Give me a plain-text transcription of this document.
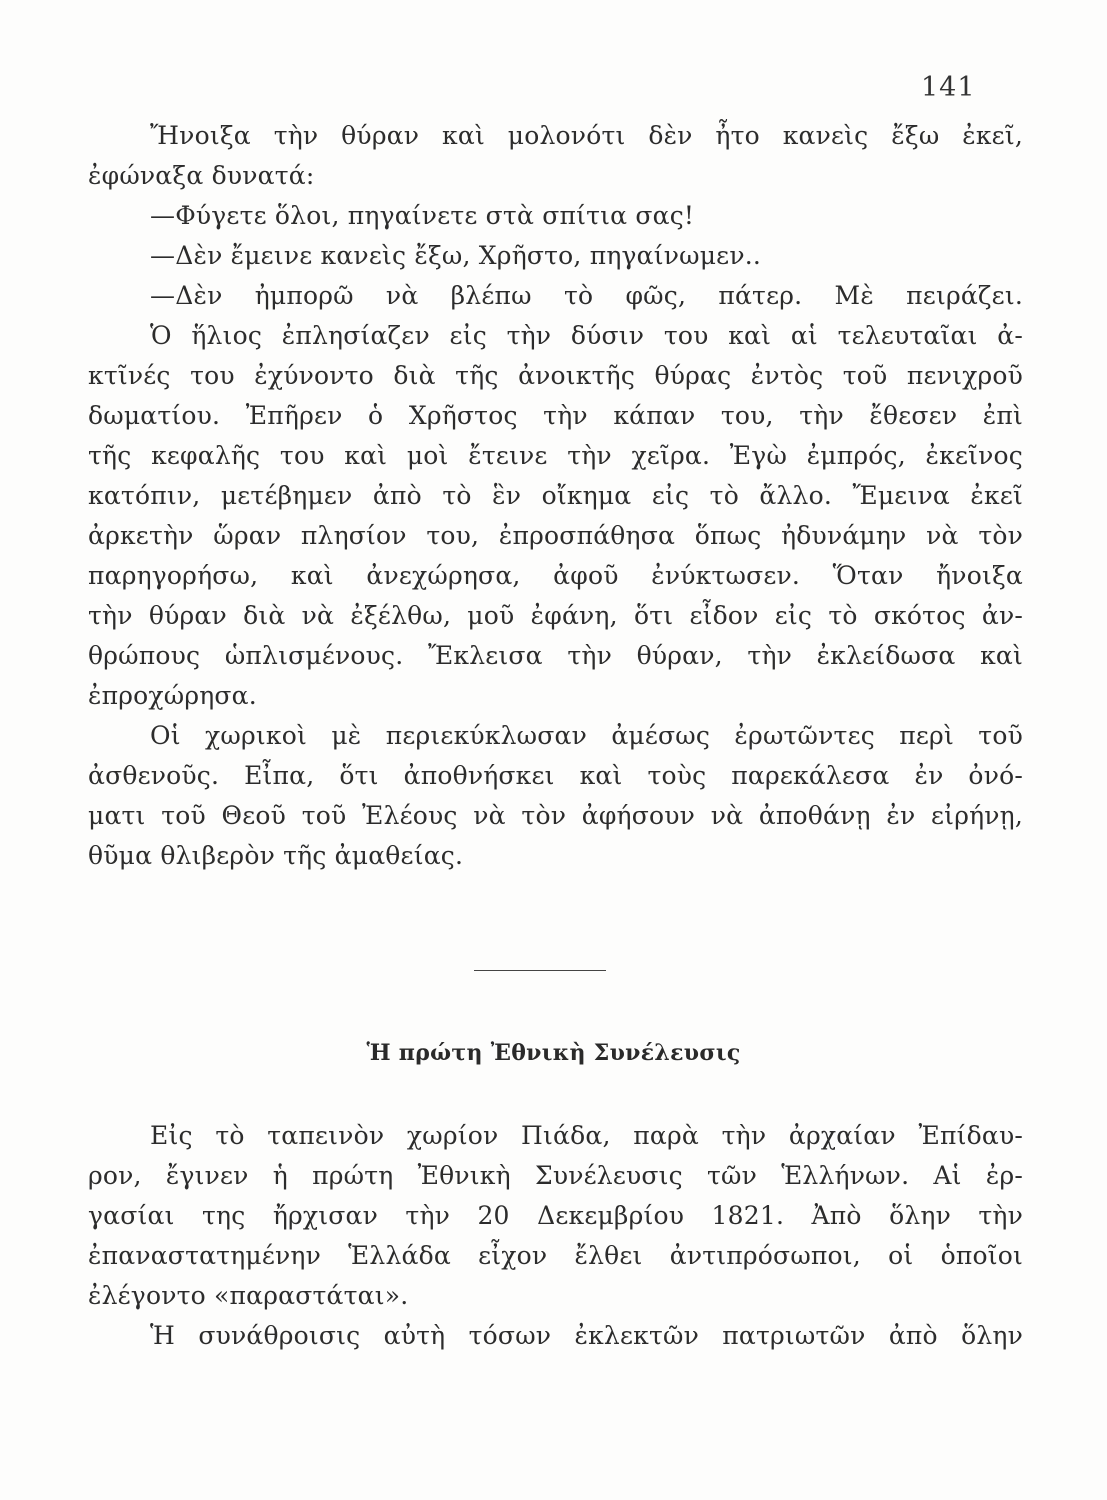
141
Ἤνοιξα τὴν θύραν καὶ μολονότι δὲν ἦτο κανεὶς ἔξω ἐκεῖ,
ἐφώναξα δυνατά:
—Φύγετε ὅλοι, πηγαίνετε στὰ σπίτια σας!
—Δὲν ἔμεινε κανεὶς ἔξω, Χρῆστο, πηγαίνωμεν..
—Δὲν ἠμπορῶ νὰ βλέπω τὸ φῶς, πάτερ. Μὲ πειράζει.
Ὁ ἥλιος ἐπλησίαζεν εἰς τὴν δύσιν του καὶ αἱ τελευταῖαι ἀ-
κτῖνές του ἐχύνοντο διὰ τῆς ἀνοικτῆς θύρας ἐντὸς τοῦ πενιχροῦ
δωματίου. Ἐπῆρεν ὁ Χρῆστος τὴν κάπαν του, τὴν ἔθεσεν ἐπὶ
τῆς κεφαλῆς του καὶ μοὶ ἔτεινε τὴν χεῖρα. Ἐγὼ ἐμπρός, ἐκεῖνος
κατόπιν, μετέβημεν ἀπὸ τὸ ἓν οἴκημα εἰς τὸ ἄλλο. Ἔμεινα ἐκεῖ
ἀρκετὴν ὥραν πλησίον του, ἐπροσπάθησα ὅπως ἠδυνάμην νὰ τὸν
παρηγορήσω, καὶ ἀνεχώρησα, ἀφοῦ ἐνύκτωσεν. Ὅταν ἤνοιξα
τὴν θύραν διὰ νὰ ἐξέλθω, μοῦ ἐφάνη, ὅτι εἶδον εἰς τὸ σκότος ἀν-
θρώπους ὡπλισμένους. Ἔκλεισα τὴν θύραν, τὴν ἐκλείδωσα καὶ
ἐπροχώρησα.
Οἱ χωρικοὶ μὲ περιεκύκλωσαν ἀμέσως ἐρωτῶντες περὶ τοῦ
ἀσθενοῦς. Εἶπα, ὅτι ἀποθνήσκει καὶ τοὺς παρεκάλεσα ἐν ὀνό-
ματι τοῦ Θεοῦ τοῦ Ἐλέους νὰ τὸν ἀφήσουν νὰ ἀποθάνῃ ἐν εἰρήνῃ,
θῦμα θλιβερὸν τῆς ἀμαθείας.
Ἡ πρώτη Ἐθνικὴ Συνέλευσις
Εἰς τὸ ταπεινὸν χωρίον Πιάδα, παρὰ τὴν ἀρχαίαν Ἐπίδαυ-
ρον, ἔγινεν ἡ πρώτη Ἐθνικὴ Συνέλευσις τῶν Ἑλλήνων. Αἱ ἐρ-
γασίαι της ἤρχισαν τὴν 20 Δεκεμβρίου 1821. Ἀπὸ ὅλην τὴν
ἐπαναστατημένην Ἑλλάδα εἶχον ἔλθει ἀντιπρόσωποι, οἱ ὁποῖοι
ἐλέγοντο «παραστάται».
Ἡ συνάθροισις αὐτὴ τόσων ἐκλεκτῶν πατριωτῶν ἀπὸ ὅλην
